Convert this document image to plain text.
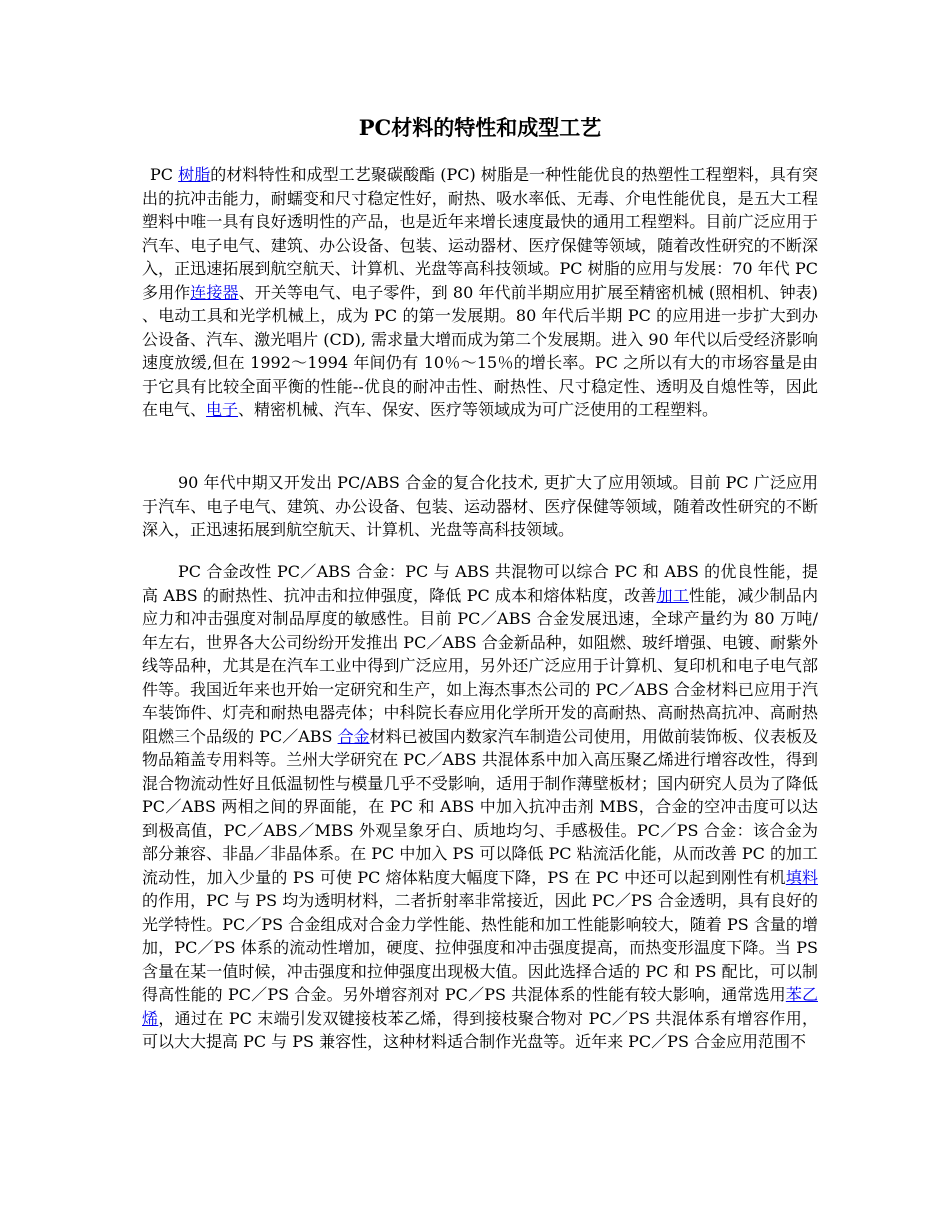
PC材料的特性和成型工艺
PC 树脂的材料特性和成型工艺聚碳酸酯 (PC) 树脂是一种性能优良的热塑性工程塑料，具有突出的抗冲击能力，耐蠕变和尺寸稳定性好，耐热、吸水率低、无毒、介电性能优良，是五大工程塑料中唯一具有良好透明性的产品，也是近年来增长速度最快的通用工程塑料。目前广泛应用于汽车、电子电气、建筑、办公设备、包装、运动器材、医疗保健等领域，随着改性研究的不断深入，正迅速拓展到航空航天、计算机、光盘等高科技领域。PC 树脂的应用与发展：70 年代 PC 多用作连接器、开关等电气、电子零件，到 80 年代前半期应用扩展至精密机械 (照相机、钟表) 、电动工具和光学机械上，成为 PC 的第一发展期。80 年代后半期 PC 的应用进一步扩大到办公设备、汽车、激光唱片 (CD), 需求量大增而成为第二个发展期。进入 90 年代以后受经济影响速度放缓,但在 1992～1994 年间仍有 10％～15％的增长率。PC 之所以有大的市场容量是由于它具有比较全面平衡的性能--优良的耐冲击性、耐热性、尺寸稳定性、透明及自熄性等，因此在电气、电子、精密机械、汽车、保安、医疗等领域成为可广泛使用的工程塑料。
90 年代中期又开发出 PC/ABS 合金的复合化技术, 更扩大了应用领域。目前 PC 广泛应用于汽车、电子电气、建筑、办公设备、包装、运动器材、医疗保健等领域，随着改性研究的不断深入，正迅速拓展到航空航天、计算机、光盘等高科技领域。
PC 合金改性 PC／ABS 合金：PC 与 ABS 共混物可以综合 PC 和 ABS 的优良性能，提高 ABS 的耐热性、抗冲击和拉伸强度，降低 PC 成本和熔体粘度，改善加工性能，减少制品内应力和冲击强度对制品厚度的敏感性。目前 PC／ABS 合金发展迅速，全球产量约为 80 万吨/年左右，世界各大公司纷纷开发推出 PC／ABS 合金新品种，如阻燃、玻纤增强、电镀、耐紫外线等品种，尤其是在汽车工业中得到广泛应用，另外还广泛应用于计算机、复印机和电子电气部件等。我国近年来也开始一定研究和生产，如上海杰事杰公司的 PC／ABS 合金材料已应用于汽车装饰件、灯壳和耐热电器壳体；中科院长春应用化学所开发的高耐热、高耐热高抗冲、高耐热阻燃三个品级的 PC／ABS 合金材料已被国内数家汽车制造公司使用，用做前装饰板、仪表板及物品箱盖专用料等。兰州大学研究在 PC／ABS 共混体系中加入高压聚乙烯进行增容改性，得到混合物流动性好且低温韧性与模量几乎不受影响，适用于制作薄壁板材；国内研究人员为了降低 PC／ABS 两相之间的界面能，在 PC 和 ABS 中加入抗冲击剂 MBS，合金的空冲击度可以达到极高值，PC／ABS／MBS 外观呈象牙白、质地均匀、手感极佳。PC／PS 合金：该合金为部分兼容、非晶／非晶体系。在 PC 中加入 PS 可以降低 PC 粘流活化能，从而改善 PC 的加工流动性，加入少量的 PS 可使 PC 熔体粘度大幅度下降，PS 在 PC 中还可以起到刚性有机填料的作用，PC 与 PS 均为透明材料，二者折射率非常接近，因此 PC／PS 合金透明，具有良好的光学特性。PC／PS 合金组成对合金力学性能、热性能和加工性能影响较大，随着 PS 含量的增加，PC／PS 体系的流动性增加，硬度、拉伸强度和冲击强度提高，而热变形温度下降。当 PS 含量在某一值时候，冲击强度和拉伸强度出现极大值。因此选择合适的 PC 和 PS 配比，可以制得高性能的 PC／PS 合金。另外增容剂对 PC／PS 共混体系的性能有较大影响，通常选用苯乙烯，通过在 PC 末端引发双键接枝苯乙烯，得到接枝聚合物对 PC／PS 共混体系有增容作用，可以大大提高 PC 与 PS 兼容性，这种材料适合制作光盘等。近年来 PC／PS 合金应用范围不
